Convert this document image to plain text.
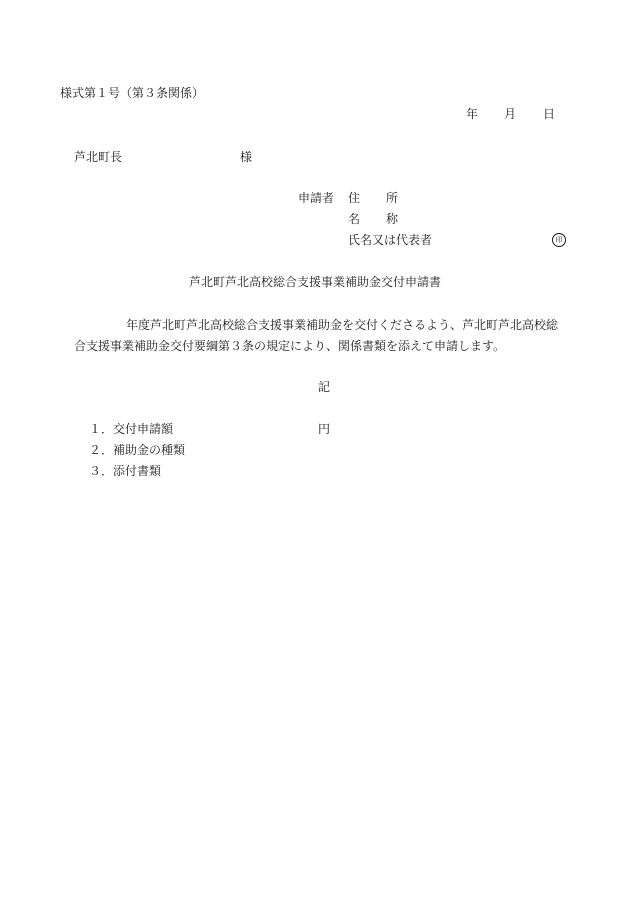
様式第１号（第３条関係）
年 月 日
芦北町長	様
申請者 住 所
名 称
氏名又は代表者	印
芦北町芦北高校総合支援事業補助金交付申請書
年度芦北町芦北高校総合支援事業補助金を交付くださるよう、芦北町芦北高校総
合支援事業補助金交付要綱第３条の規定により、関係書類を添えて申請します。
記
１． 交付申請額	円
２． 補助金の種類
３． 添付書類
